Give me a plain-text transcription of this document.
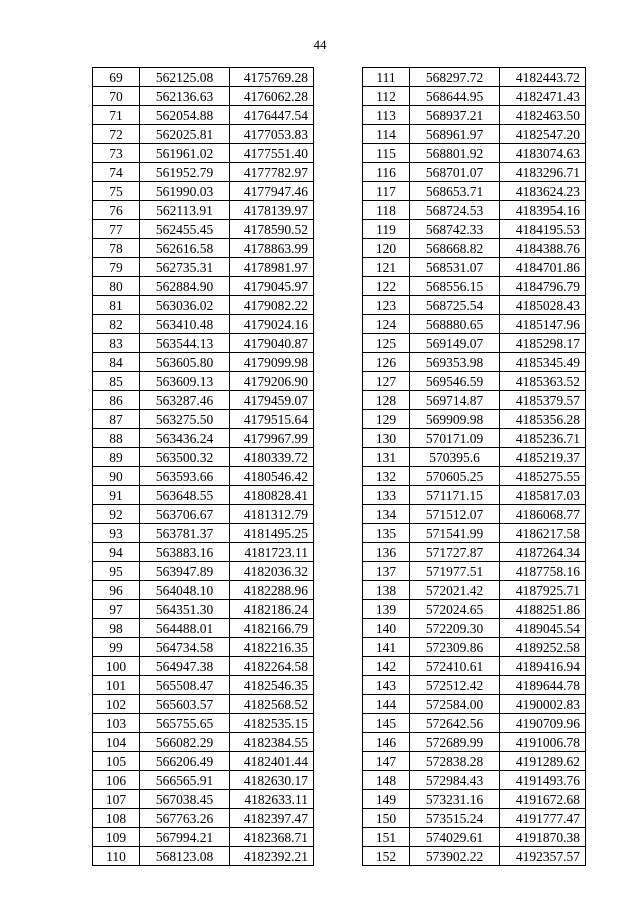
44
69	562125.08	4175769.28
70	562136.63	4176062.28
71	562054.88	4176447.54
72	562025.81	4177053.83
73	561961.02	4177551.40
74	561952.79	4177782.97
75	561990.03	4177947.46
76	562113.91	4178139.97
77	562455.45	4178590.52
78	562616.58	4178863.99
79	562735.31	4178981.97
80	562884.90	4179045.97
81	563036.02	4179082.22
82	563410.48	4179024.16
83	563544.13	4179040.87
84	563605.80	4179099.98
85	563609.13	4179206.90
86	563287.46	4179459.07
87	563275.50	4179515.64
88	563436.24	4179967.99
89	563500.32	4180339.72
90	563593.66	4180546.42
91	563648.55	4180828.41
92	563706.67	4181312.79
93	563781.37	4181495.25
94	563883.16	4181723.11
95	563947.89	4182036.32
96	564048.10	4182288.96
97	564351.30	4182186.24
98	564488.01	4182166.79
99	564734.58	4182216.35
100	564947.38	4182264.58
101	565508.47	4182546.35
102	565603.57	4182568.52
103	565755.65	4182535.15
104	566082.29	4182384.55
105	566206.49	4182401.44
106	566565.91	4182630.17
107	567038.45	4182633.11
108	567763.26	4182397.47
109	567994.21	4182368.71
110	568123.08	4182392.21
111	568297.72	4182443.72
112	568644.95	4182471.43
113	568937.21	4182463.50
114	568961.97	4182547.20
115	568801.92	4183074.63
116	568701.07	4183296.71
117	568653.71	4183624.23
118	568724.53	4183954.16
119	568742.33	4184195.53
120	568668.82	4184388.76
121	568531.07	4184701.86
122	568556.15	4184796.79
123	568725.54	4185028.43
124	568880.65	4185147.96
125	569149.07	4185298.17
126	569353.98	4185345.49
127	569546.59	4185363.52
128	569714.87	4185379.57
129	569909.98	4185356.28
130	570171.09	4185236.71
131	570395.6	4185219.37
132	570605.25	4185275.55
133	571171.15	4185817.03
134	571512.07	4186068.77
135	571541.99	4186217.58
136	571727.87	4187264.34
137	571977.51	4187758.16
138	572021.42	4187925.71
139	572024.65	4188251.86
140	572209.30	4189045.54
141	572309.86	4189252.58
142	572410.61	4189416.94
143	572512.42	4189644.78
144	572584.00	4190002.83
145	572642.56	4190709.96
146	572689.99	4191006.78
147	572838.28	4191289.62
148	572984.43	4191493.76
149	573231.16	4191672.68
150	573515.24	4191777.47
151	574029.61	4191870.38
152	573902.22	4192357.57
